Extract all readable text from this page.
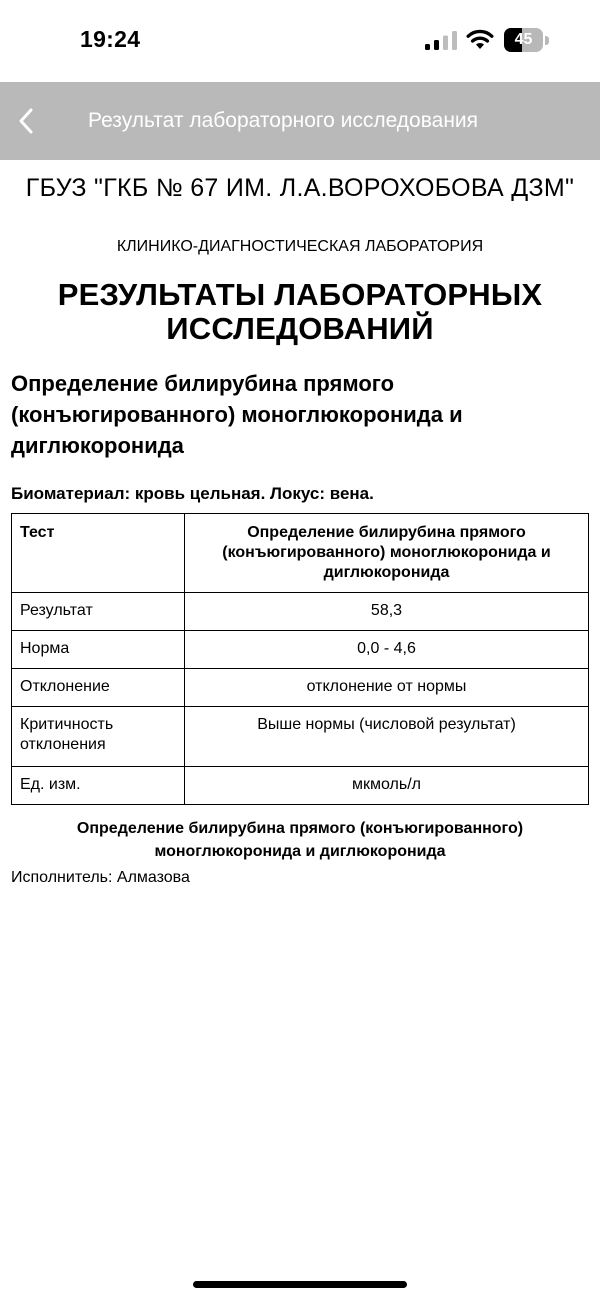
19:24	45
Результат лабораторного исследования
ГБУЗ "ГКБ № 67 ИМ. Л.А.ВОРОХОБОВА ДЗМ"
КЛИНИКО-ДИАГНОСТИЧЕСКАЯ ЛАБОРАТОРИЯ
РЕЗУЛЬТАТЫ ЛАБОРАТОРНЫХ ИССЛЕДОВАНИЙ
Определение билирубина прямого (конъюгированного) моноглюкоронида и диглюкоронида
Биоматериал: кровь цельная. Локус: вена.
Тест	Определение билирубина прямого (конъюгированного) моноглюкоронида и диглюкоронида
Результат	58,3
Норма	0,0 - 4,6
Отклонение	отклонение от нормы
Критичность отклонения	Выше нормы (числовой результат)
Ед. изм.	мкмоль/л
Определение билирубина прямого (конъюгированного) моноглюкоронида и диглюкоронида
Исполнитель: Алмазова
